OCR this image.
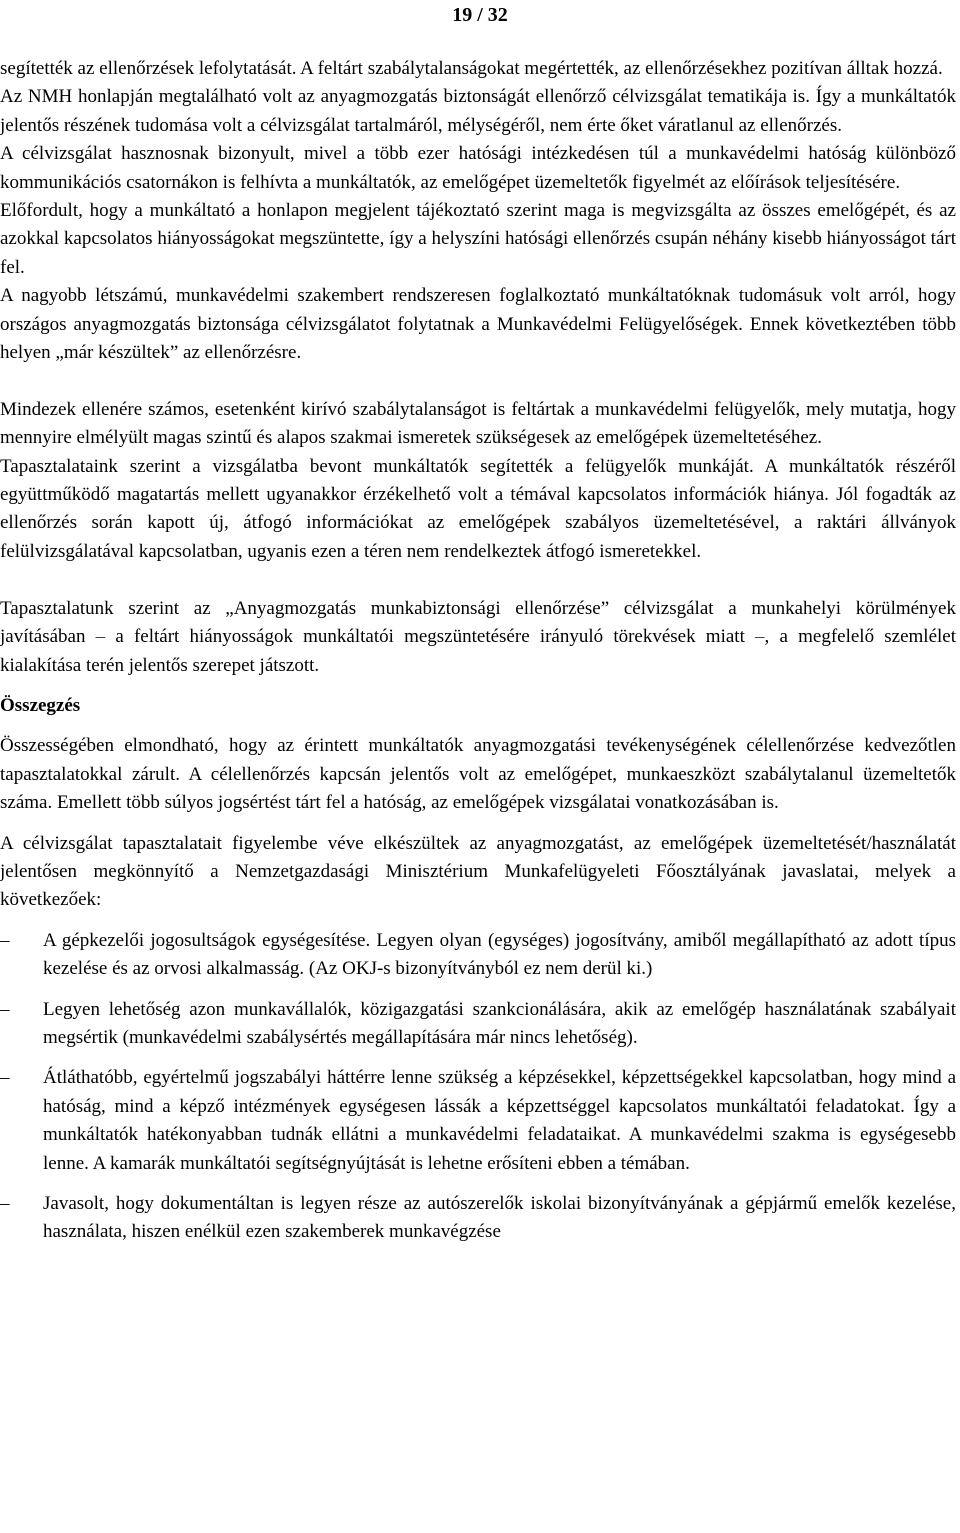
19 / 32

segítették az ellenőrzések lefolytatását. A feltárt szabálytalanságokat megértették, az ellenőrzésekhez pozitívan álltak hozzá.

Az NMH honlapján megtalálható volt az anyagmozgatás biztonságát ellenőrző célvizsgálat tematikája is. Így a munkáltatók jelentős részének tudomása volt a célvizsgálat tartalmáról, mélységéről, nem érte őket váratlanul az ellenőrzés.

A célvizsgálat hasznosnak bizonyult, mivel a több ezer hatósági intézkedésen túl a munkavédelmi hatóság különböző kommunikációs csatornákon is felhívta a munkáltatók, az emelőgépet üzemeltetők figyelmét az előírások teljesítésére.

Előfordult, hogy a munkáltató a honlapon megjelent tájékoztató szerint maga is megvizsgálta az összes emelőgépét, és az azokkal kapcsolatos hiányosságokat megszüntette, így a helyszíni hatósági ellenőrzés csupán néhány kisebb hiányosságot tárt fel.

A nagyobb létszámú, munkavédelmi szakembert rendszeresen foglalkoztató munkáltatóknak tudomásuk volt arról, hogy országos anyagmozgatás biztonsága célvizsgálatot folytatnak a Munkavédelmi Felügyelőségek. Ennek következtében több helyen „már készültek” az ellenőrzésre.

Mindezek ellenére számos, esetenként kirívó szabálytalanságot is feltártak a munkavédelmi felügyelők, mely mutatja, hogy mennyire elmélyült magas szintű és alapos szakmai ismeretek szükségesek az emelőgépek üzemeltetéséhez.

Tapasztalataink szerint a vizsgálatba bevont munkáltatók segítették a felügyelők munkáját. A munkáltatók részéről együttműködő magatartás mellett ugyanakkor érzékelhető volt a témával kapcsolatos információk hiánya. Jól fogadták az ellenőrzés során kapott új, átfogó információkat az emelőgépek szabályos üzemeltetésével, a raktári állványok felülvizsgálatával kapcsolatban, ugyanis ezen a téren nem rendelkeztek átfogó ismeretekkel.

Tapasztalatunk szerint az „Anyagmozgatás munkabiztonsági ellenőrzése” célvizsgálat a munkahelyi körülmények javításában – a feltárt hiányosságok munkáltatói megszüntetésére irányuló törekvések miatt –, a megfelelő szemlélet kialakítása terén jelentős szerepet játszott.

Összegzés

Összességében elmondható, hogy az érintett munkáltatók anyagmozgatási tevékenységének célellenőrzése kedvezőtlen tapasztalatokkal zárult. A célellenőrzés kapcsán jelentős volt az emelőgépet, munkaeszközt szabálytalanul üzemeltetők száma. Emellett több súlyos jogsértést tárt fel a hatóság, az emelőgépek vizsgálatai vonatkozásában is.

A célvizsgálat tapasztalatait figyelembe véve elkészültek az anyagmozgatást, az emelőgépek üzemeltetését/használatát jelentősen megkönnyítő a Nemzetgazdasági Minisztérium Munkafelügyeleti Főosztályának javaslatai, melyek a következőek:

– A gépkezelői jogosultságok egységesítése. Legyen olyan (egységes) jogosítvány, amiből megállapítható az adott típus kezelése és az orvosi alkalmasság. (Az OKJ-s bizonyítványból ez nem derül ki.)
– Legyen lehetőség azon munkavállalók, közigazgatási szankcionálására, akik az emelőgép használatának szabályait megsértik (munkavédelmi szabálysértés megállapítására már nincs lehetőség).
– Átláthatóbb, egyértelmű jogszabályi háttérre lenne szükség a képzésekkel, képzettségekkel kapcsolatban, hogy mind a hatóság, mind a képző intézmények egységesen lássák a képzettséggel kapcsolatos munkáltatói feladatokat. Így a munkáltatók hatékonyabban tudnák ellátni a munkavédelmi feladataikat. A munkavédelmi szakma is egységesebb lenne. A kamarák munkáltatói segítségnyújtását is lehetne erősíteni ebben a témában.
– Javasolt, hogy dokumentáltan is legyen része az autószerelők iskolai bizonyítványának a gépjármű emelők kezelése, használata, hiszen enélkül ezen szakemberek munkavégzése
